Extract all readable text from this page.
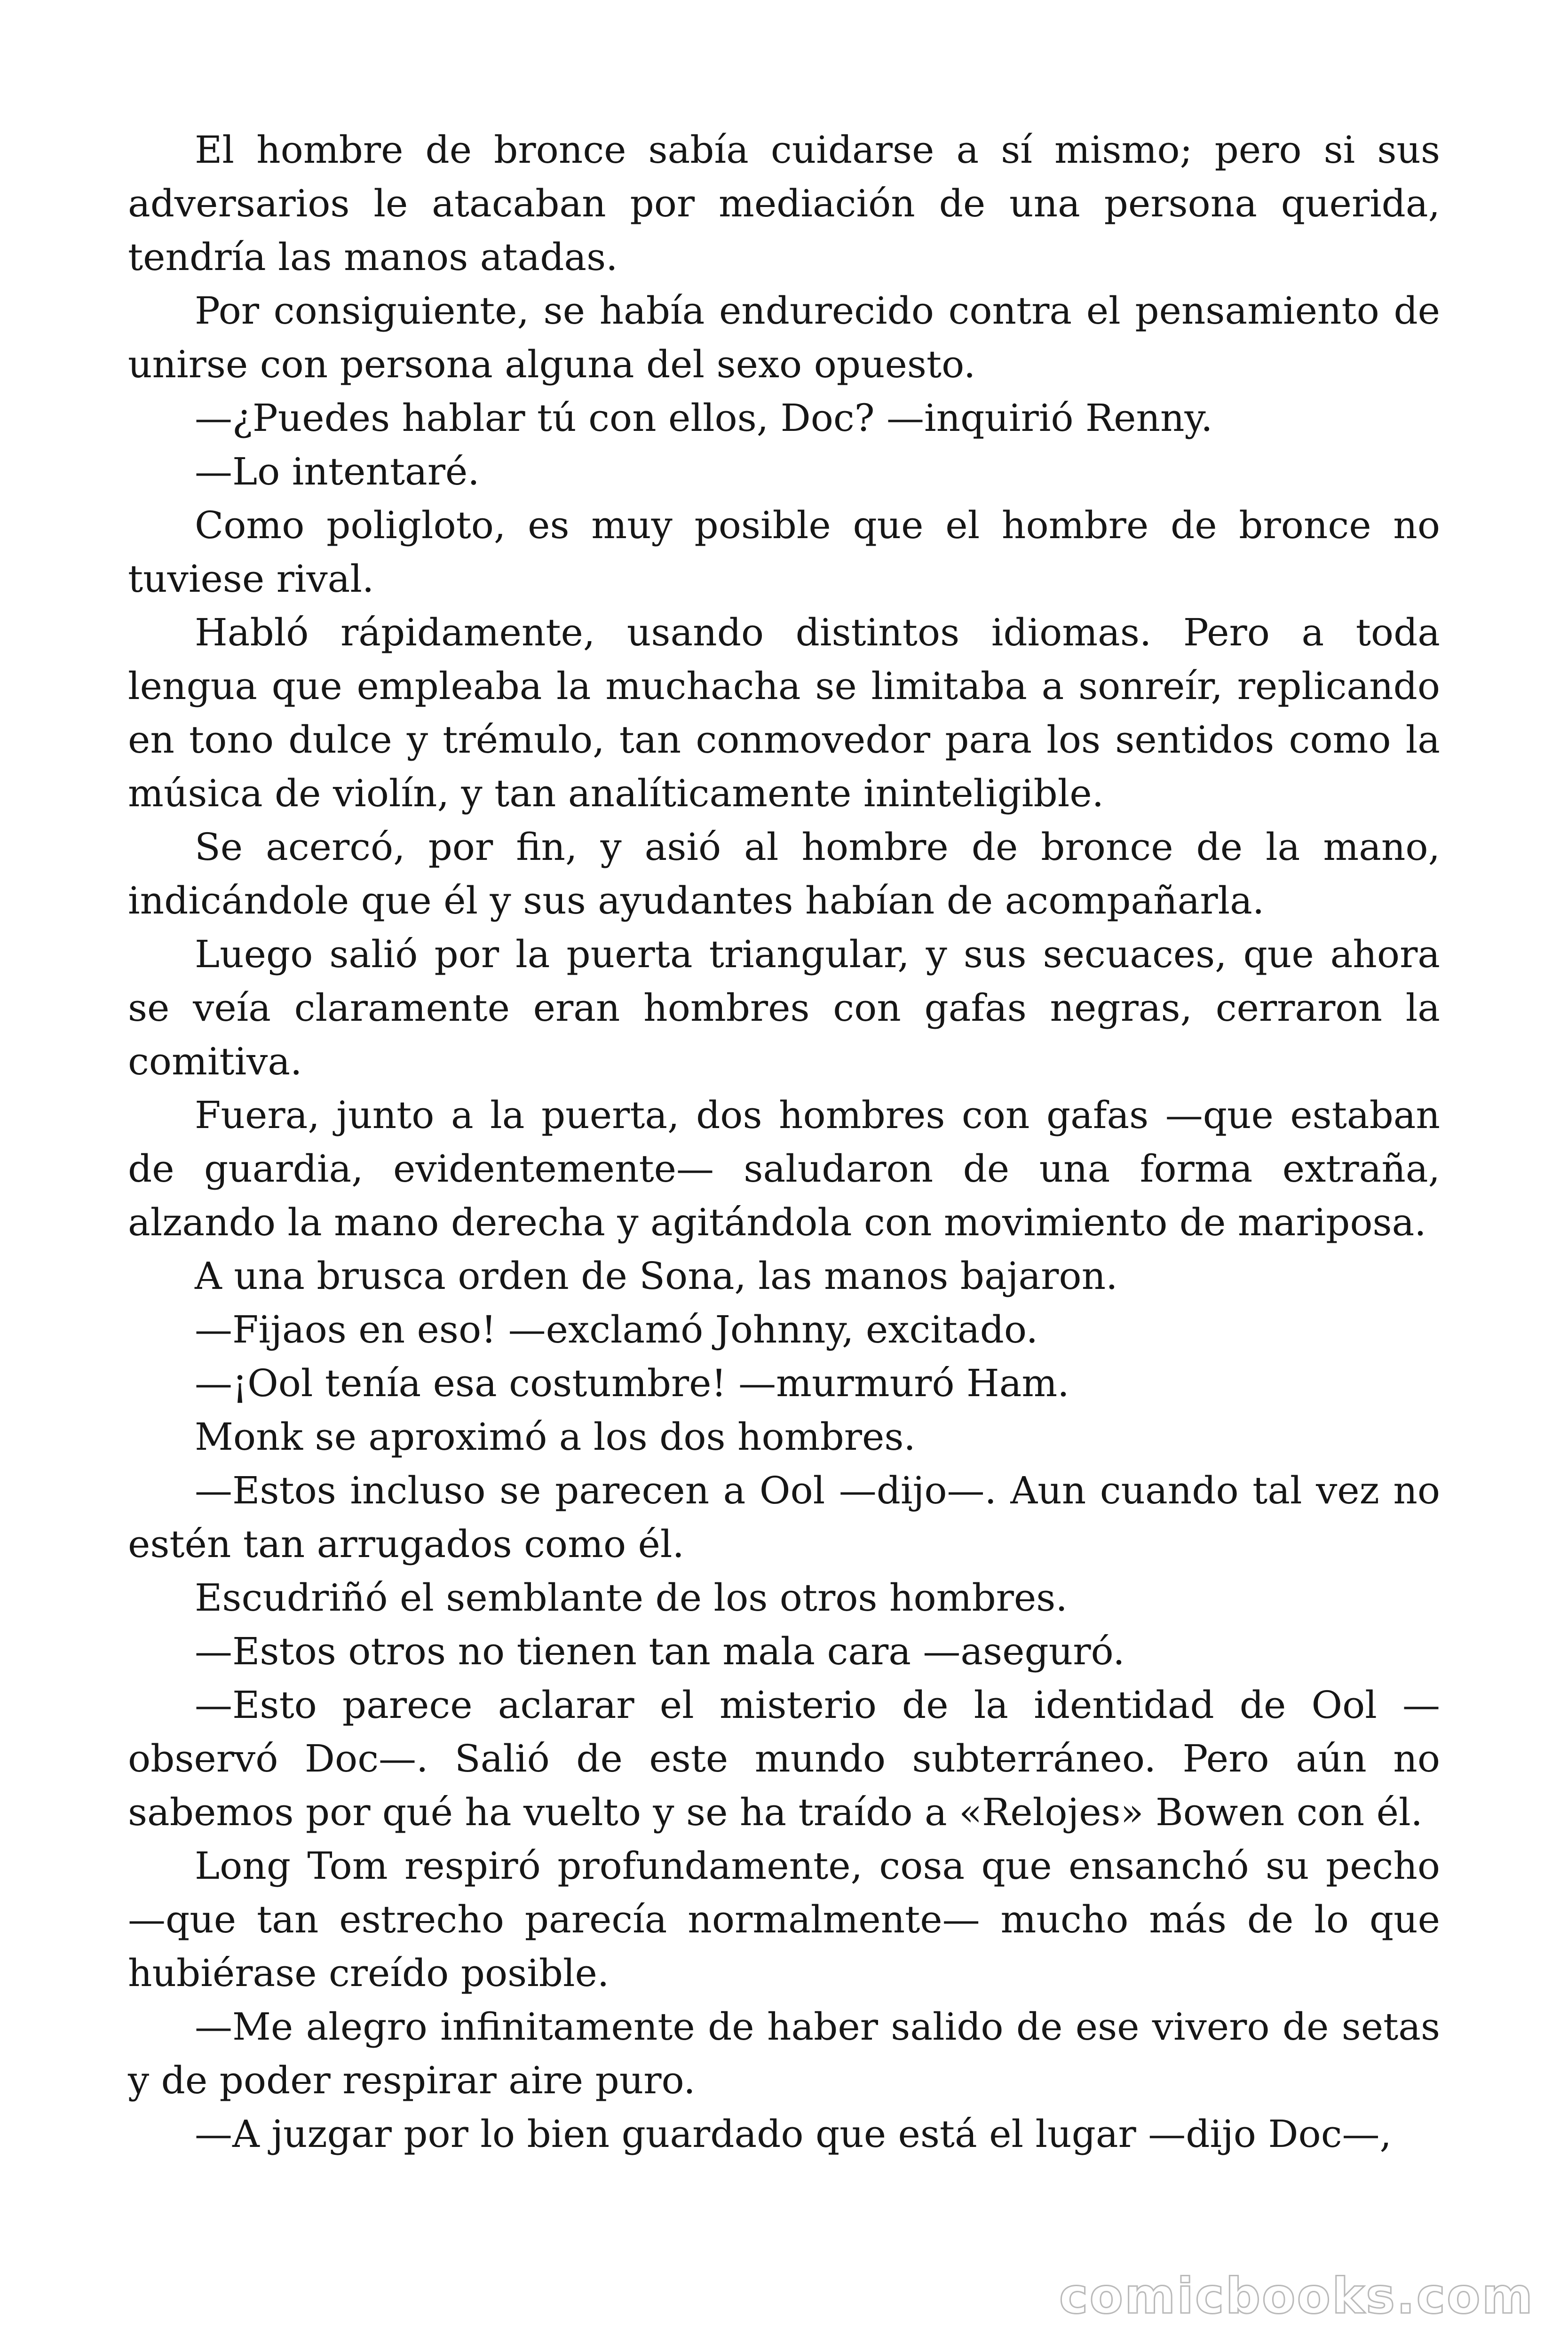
El hombre de bronce sabía cuidarse a sí mismo; pero si sus adversarios le atacaban por mediación de una persona querida, tendría las manos atadas.

Por consiguiente, se había endurecido contra el pensamiento de unirse con persona alguna del sexo opuesto.

—¿Puedes hablar tú con ellos, Doc? —inquirió Renny.

—Lo intentaré.

Como poligloto, es muy posible que el hombre de bronce no tuviese rival.

Habló rápidamente, usando distintos idiomas. Pero a toda lengua que empleaba la muchacha se limitaba a sonreír, replicando en tono dulce y trémulo, tan conmovedor para los sentidos como la música de violín, y tan analíticamente ininteligible.

Se acercó, por fin, y asió al hombre de bronce de la mano, indicándole que él y sus ayudantes habían de acompañarla.

Luego salió por la puerta triangular, y sus secuaces, que ahora se veía claramente eran hombres con gafas negras, cerraron la comitiva.

Fuera, junto a la puerta, dos hombres con gafas —que estaban de guardia, evidentemente— saludaron de una forma extraña, alzando la mano derecha y agitándola con movimiento de mariposa.

A una brusca orden de Sona, las manos bajaron.

—Fijaos en eso! —exclamó Johnny, excitado.

—¡Ool tenía esa costumbre! —murmuró Ham.

Monk se aproximó a los dos hombres.

—Estos incluso se parecen a Ool —dijo—. Aun cuando tal vez no estén tan arrugados como él.

Escudriñó el semblante de los otros hombres.

—Estos otros no tienen tan mala cara —aseguró.

—Esto parece aclarar el misterio de la identidad de Ool —observó Doc—. Salió de este mundo subterráneo. Pero aún no sabemos por qué ha vuelto y se ha traído a «Relojes» Bowen con él.

Long Tom respiró profundamente, cosa que ensanchó su pecho —que tan estrecho parecía normalmente— mucho más de lo que hubiérase creído posible.

—Me alegro infinitamente de haber salido de ese vivero de setas y de poder respirar aire puro.

—A juzgar por lo bien guardado que está el lugar —dijo Doc—,

comicbooks.com
